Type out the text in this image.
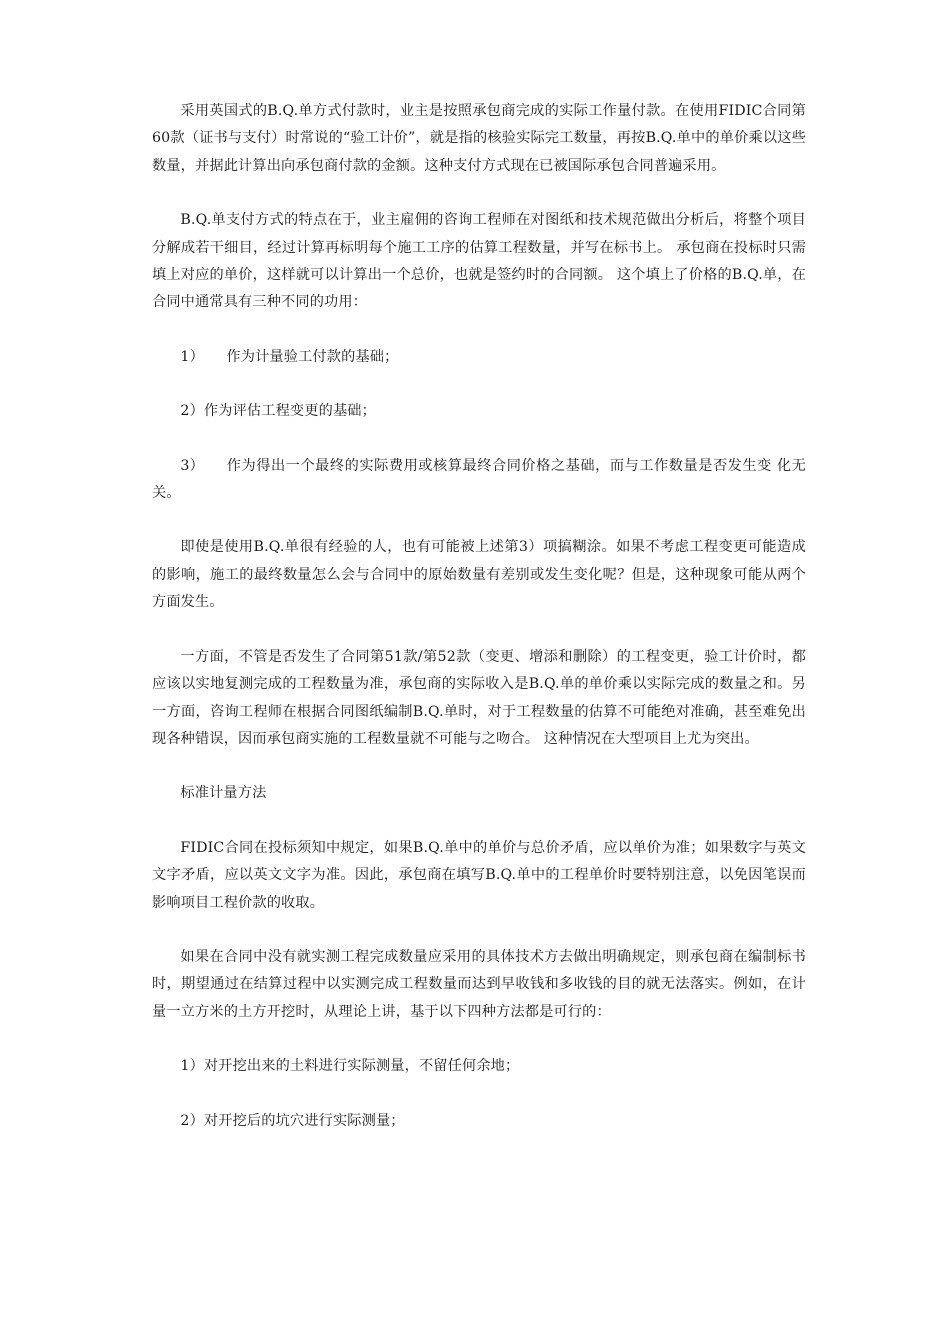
采用英国式的B.Q.单方式付款时，业主是按照承包商完成的实际工作量付款。在使用FIDIC合同第60款（证书与支付）时常说的“验工计价”，就是指的核验实际完工数量，再按B.Q.单中的单价乘以这些数量，并据此计算出向承包商付款的金额。这种支付方式现在已被国际承包合同普遍采用。

B.Q.单支付方式的特点在于，业主雇佣的咨询工程师在对图纸和技术规范做出分析后，将整个项目分解成若干细目，经过计算再标明每个施工工序的估算工程数量，并写在标书上。 承包商在投标时只需填上对应的单价，这样就可以计算出一个总价，也就是签约时的合同额。 这个填上了价格的B.Q.单，在合同中通常具有三种不同的功用：

1） 作为计量验工付款的基础；

2）作为评估工程变更的基础；

3） 作为得出一个最终的实际费用或核算最终合同价格之基础，而与工作数量是否发生变 化无关。

即使是使用B.Q.单很有经验的人，也有可能被上述第3）项搞糊涂。如果不考虑工程变更可能造成的影响，施工的最终数量怎么会与合同中的原始数量有差别或发生变化呢？但是，这种现象可能从两个方面发生。

一方面，不管是否发生了合同第51款/第52款（变更、增添和删除）的工程变更，验工计价时，都应该以实地复测完成的工程数量为准，承包商的实际收入是B.Q.单的单价乘以实际完成的数量之和。另一方面，咨询工程师在根据合同图纸编制B.Q.单时，对于工程数量的估算不可能绝对准确，甚至难免出现各种错误，因而承包商实施的工程数量就不可能与之吻合。 这种情况在大型项目上尤为突出。

标准计量方法

FIDIC合同在投标须知中规定，如果B.Q.单中的单价与总价矛盾，应以单价为准；如果数字与英文文字矛盾，应以英文文字为准。因此，承包商在填写B.Q.单中的工程单价时要特别注意，以免因笔误而影响项目工程价款的收取。

如果在合同中没有就实测工程完成数量应采用的具体技术方去做出明确规定，则承包商在编制标书时，期望通过在结算过程中以实测完成工程数量而达到早收钱和多收钱的目的就无法落实。例如，在计量一立方米的土方开挖时，从理论上讲，基于以下四种方法都是可行的：

1）对开挖出来的土料进行实际测量，不留任何余地；

2）对开挖后的坑穴进行实际测量；
